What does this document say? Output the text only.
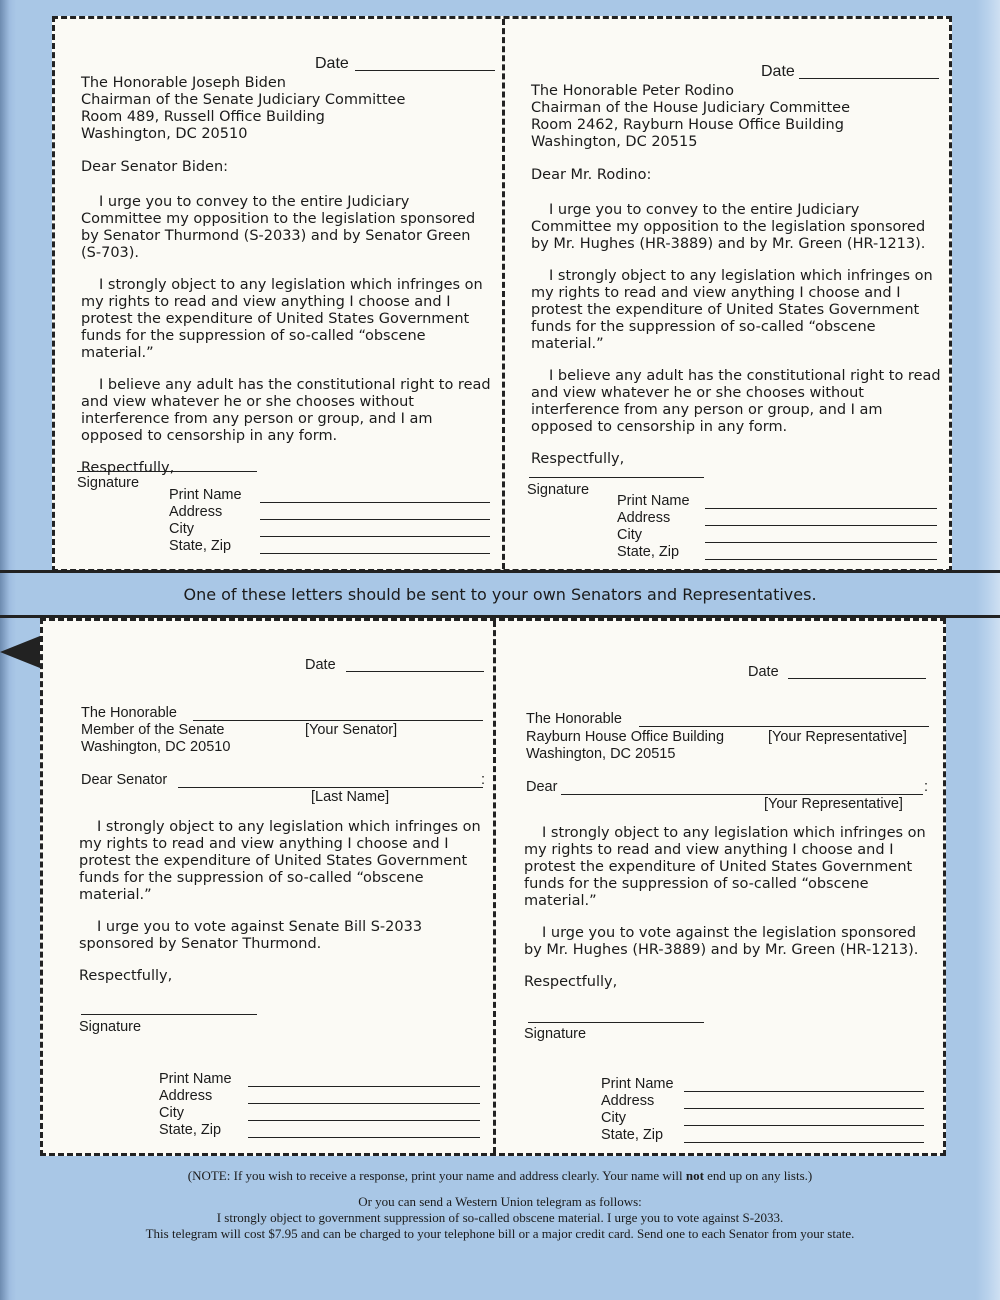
Date
The Honorable Joseph Biden
Chairman of the Senate Judiciary Committee
Room 489, Russell Office Building
Washington, DC 20510
Dear Senator Biden:

I urge you to convey to the entire Judiciary Committee my opposition to the legislation sponsored by Senator Thurmond (S-2033) and by Senator Green (S-703).

I strongly object to any legislation which infringes on my rights to read and view anything I choose and I protest the expenditure of United States Government funds for the suppression of so-called “obscene material.”

I believe any adult has the constitutional right to read and view whatever he or she chooses without interference from any person or group, and I am opposed to censorship in any form.

Respectfully,
Signature
Print Name
Address
City
State, Zip
Date
The Honorable Peter Rodino
Chairman of the House Judiciary Committee
Room 2462, Rayburn House Office Building
Washington, DC 20515
Dear Mr. Rodino:

I urge you to convey to the entire Judiciary Committee my opposition to the legislation sponsored by Mr. Hughes (HR-3889) and by Mr. Green (HR-1213).

I strongly object to any legislation which infringes on my rights to read and view anything I choose and I protest the expenditure of United States Government funds for the suppression of so-called “obscene material.”

I believe any adult has the constitutional right to read and view whatever he or she chooses without interference from any person or group, and I am opposed to censorship in any form.

Respectfully,
Signature
Print Name
Address
City
State, Zip
One of these letters should be sent to your own Senators and Representatives.
Date
The Honorable
Member of the Senate	[Your Senator]
Washington, DC 20510
Dear Senator	:
[Last Name]

I strongly object to any legislation which infringes on my rights to read and view anything I choose and I protest the expenditure of United States Government funds for the suppression of so-called “obscene material.”

I urge you to vote against Senate Bill S-2033 sponsored by Senator Thurmond.

Respectfully,
Signature
Print Name
Address
City
State, Zip
Date
The Honorable
Rayburn House Office Building	[Your Representative]
Washington, DC 20515
Dear	:
[Your Representative]

I strongly object to any legislation which infringes on my rights to read and view anything I choose and I protest the expenditure of United States Government funds for the suppression of so-called “obscene material.”

I urge you to vote against the legislation sponsored by Mr. Hughes (HR-3889) and by Mr. Green (HR-1213).

Respectfully,
Signature
Print Name
Address
City
State, Zip
(NOTE: If you wish to receive a response, print your name and address clearly. Your name will not end up on any lists.)
Or you can send a Western Union telegram as follows:
I strongly object to government suppression of so-called obscene material. I urge you to vote against S-2033.
This telegram will cost $7.95 and can be charged to your telephone bill or a major credit card. Send one to each Senator from your state.
